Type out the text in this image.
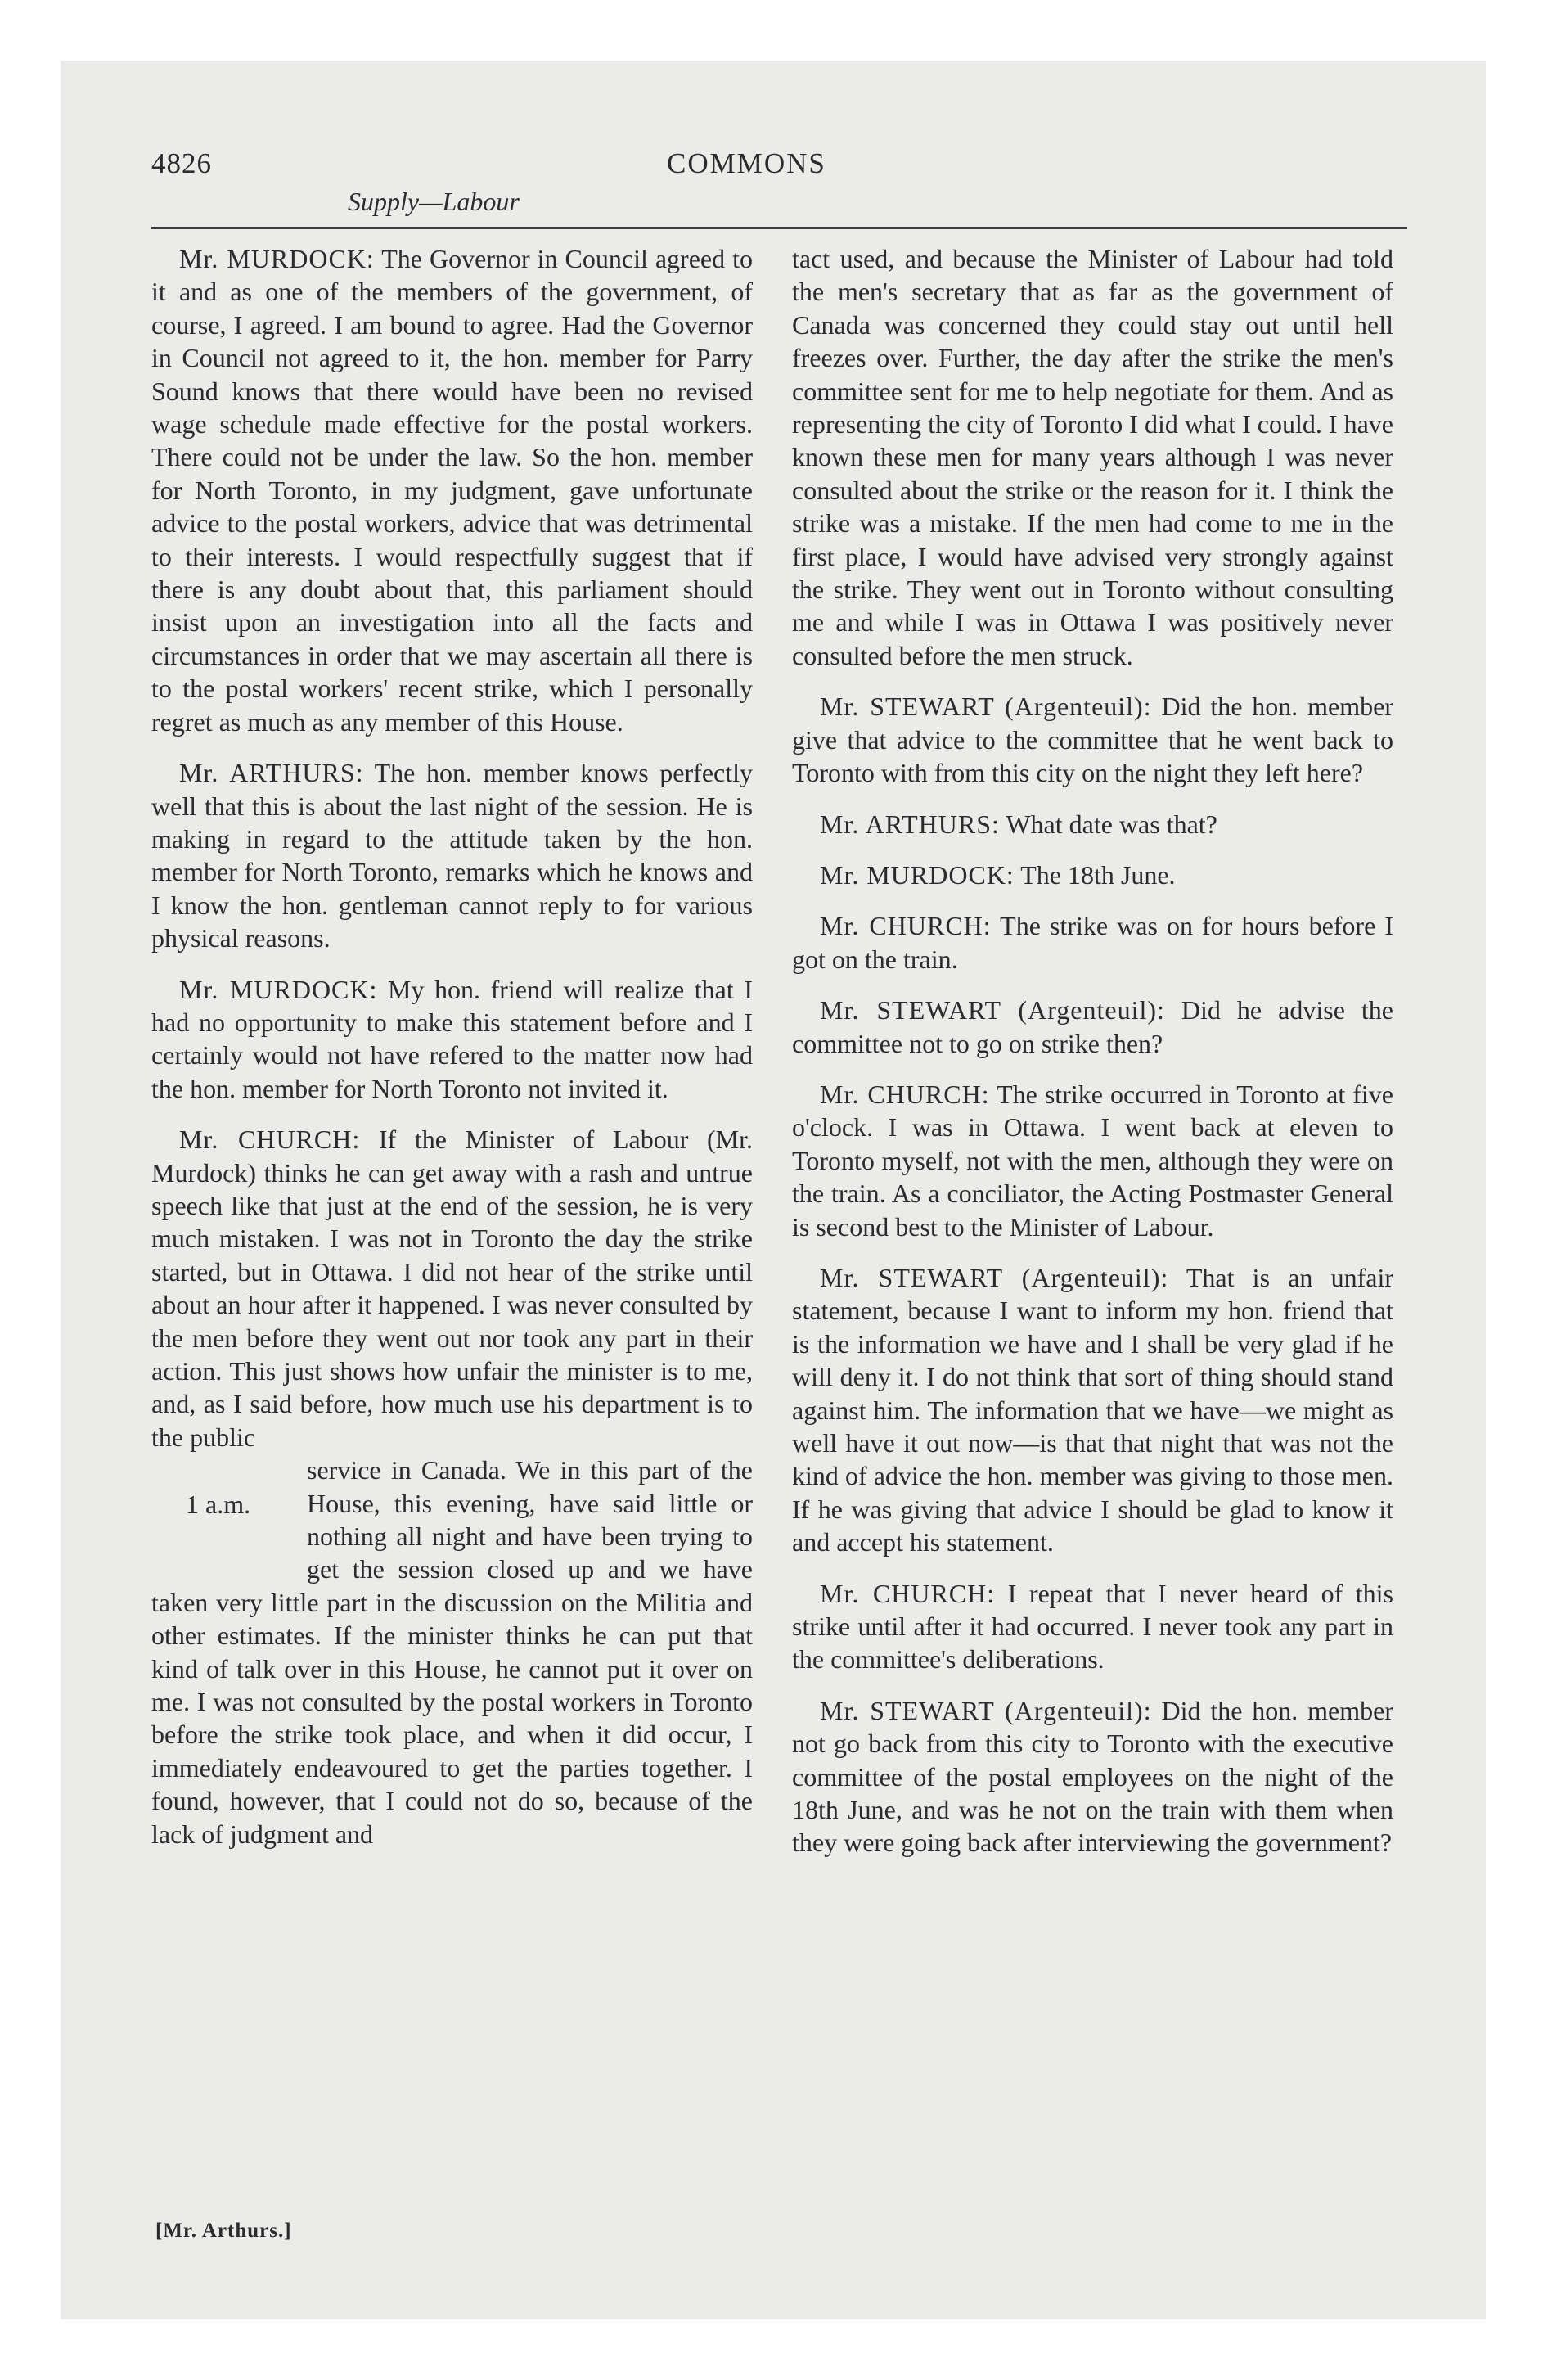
4826	COMMONS
Supply—Labour

Mr. MURDOCK: The Governor in Council agreed to it and as one of the members of the government, of course, I agreed. I am bound to agree. Had the Governor in Council not agreed to it, the hon. member for Parry Sound knows that there would have been no revised wage schedule made effective for the postal workers. There could not be under the law. So the hon. member for North Toronto, in my judgment, gave unfortunate advice to the postal workers, advice that was detrimental to their interests. I would respectfully suggest that if there is any doubt about that, this parliament should insist upon an investigation into all the facts and circumstances in order that we may ascertain all there is to the postal workers' recent strike, which I personally regret as much as any member of this House.

Mr. ARTHURS: The hon. member knows perfectly well that this is about the last night of the session. He is making in regard to the attitude taken by the hon. member for North Toronto, remarks which he knows and I know the hon. gentleman cannot reply to for various physical reasons.

Mr. MURDOCK: My hon. friend will realize that I had no opportunity to make this statement before and I certainly would not have refered to the matter now had the hon. member for North Toronto not invited it.

Mr. CHURCH: If the Minister of Labour (Mr. Murdock) thinks he can get away with a rash and untrue speech like that just at the end of the session, he is very much mistaken. I was not in Toronto the day the strike started, but in Ottawa. I did not hear of the strike until about an hour after it happened. I was never consulted by the men before they went out nor took any part in their action. This just shows how unfair the minister is to me, and, as I said before, how much use his department is to the public

1 a.m.
service in Canada. We in this part of the House, this evening, have said little or nothing all night and have been trying to get the session closed up and we have taken very little part in the discussion on the Militia and other estimates. If the minister thinks he can put that kind of talk over in this House, he cannot put it over on me. I was not consulted by the postal workers in Toronto before the strike took place, and when it did occur, I immediately endeavoured to get the parties together. I found, however, that I could not do so, because of the lack of judgment and

tact used, and because the Minister of Labour had told the men's secretary that as far as the government of Canada was concerned they could stay out until hell freezes over. Further, the day after the strike the men's committee sent for me to help negotiate for them. And as representing the city of Toronto I did what I could. I have known these men for many years although I was never consulted about the strike or the reason for it. I think the strike was a mistake. If the men had come to me in the first place, I would have advised very strongly against the strike. They went out in Toronto without consulting me and while I was in Ottawa I was positively never consulted before the men struck.

Mr. STEWART (Argenteuil): Did the hon. member give that advice to the committee that he went back to Toronto with from this city on the night they left here?

Mr. ARTHURS: What date was that?

Mr. MURDOCK: The 18th June.

Mr. CHURCH: The strike was on for hours before I got on the train.

Mr. STEWART (Argenteuil): Did he advise the committee not to go on strike then?

Mr. CHURCH: The strike occurred in Toronto at five o'clock. I was in Ottawa. I went back at eleven to Toronto myself, not with the men, although they were on the train. As a conciliator, the Acting Postmaster General is second best to the Minister of Labour.

Mr. STEWART (Argenteuil): That is an unfair statement, because I want to inform my hon. friend that is the information we have and I shall be very glad if he will deny it. I do not think that sort of thing should stand against him. The information that we have—we might as well have it out now—is that that night that was not the kind of advice the hon. member was giving to those men. If he was giving that advice I should be glad to know it and accept his statement.

Mr. CHURCH: I repeat that I never heard of this strike until after it had occurred. I never took any part in the committee's deliberations.

Mr. STEWART (Argenteuil): Did the hon. member not go back from this city to Toronto with the executive committee of the postal employees on the night of the 18th June, and was he not on the train with them when they were going back after interviewing the government?

[Mr. Arthurs.]
